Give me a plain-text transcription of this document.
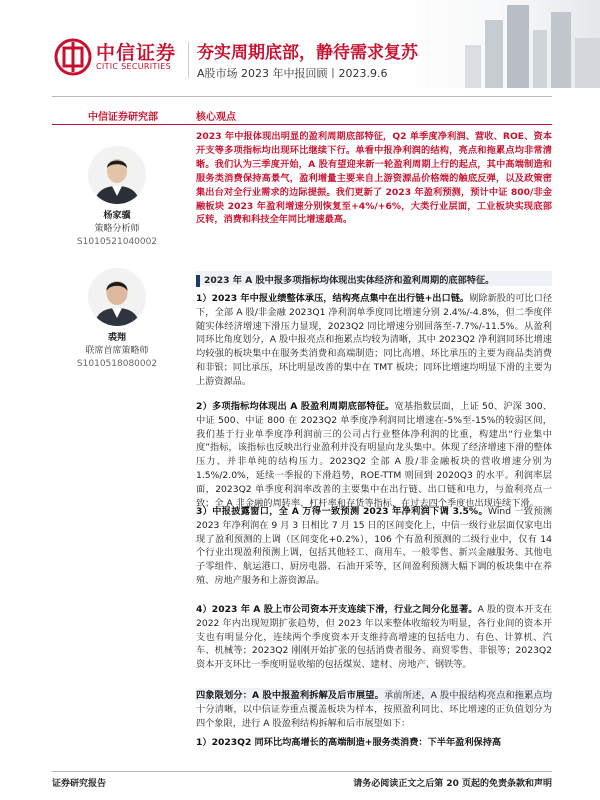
中信证券
CITIC SECURITIES
夯实周期底部，静待需求复苏
A股市场 2023 年中报回顾丨2023.9.6
中信证券研究部	核心观点
杨家骥
策略分析师
S1010521040002
裘翔
联席首席策略师
S1010518080002
2023 年中报体现出明显的盈利周期底部特征，Q2 单季度净利润、营收、ROE、资本开支等多项指标均出现环比继续下行。单看中报净利润的结构，亮点和拖累点均非常清晰。我们认为三季度开始，A 股有望迎来新一轮盈利周期上行的起点，其中高端制造和服务类消费保持高景气，盈利增量主要来自上游资源品价格端的触底反弹，以及政策密集出台对全行业需求的边际提振。我们更新了 2023 年盈利预测，预计中证 800/非金融板块 2023 年盈利增速分别恢复至+4%/+6%，大类行业层面，工业板块实现底部反转，消费和科技全年同比增速最高。
2023 年 A 股中报多项指标均体现出实体经济和盈利周期的底部特征。
1）2023 年中报业绩整体承压，结构亮点集中在出行链+出口链。剔除新股的可比口径下，全部 A 股/非金融 2023Q1 净利润单季度同比增速分别 2.4%/-4.8%，但二季度伴随实体经济增速下滑压力显现，2023Q2 同比增速分别回落至-7.7%/-11.5%。从盈利同环比角度划分，A 股中报亮点和拖累点均较为清晰，其中 2023Q2 净利润同环比增速均较强的板块集中在服务类消费和高端制造；同比高增、环比承压的主要为商品类消费和非银；同比承压，环比明显改善的集中在 TMT 板块；同环比增速均明显下滑的主要为上游资源品。
2）多项指标均体现出 A 股盈利周期底部特征。宽基指数层面，上证 50、沪深 300、中证 500、中证 800 在 2023Q2 单季度净利润同比增速在-5%至-15%的较弱区间，我们基于行业单季度净利润前三的公司占行业整体净利润的比重，构建出“行业集中度”指标，该指标也反映出行业盈利并没有明显向龙头集中。体现了经济增速下滑的整体压力、并非单纯的结构压力。2023Q2 全部 A 股/非金融板块的营收增速分别为 1.5%/2.0%，延续一季报的下滑趋势，ROE-TTM 则回到 2020Q3 的水平。利润率层面，2023Q2 单季度利润率改善的主要集中在出行链、出口链和电力，与盈利亮点一致；全 A 非金融的周转率、杠杆率和存货等指标，在过去四个季度也出现连续下滑。
3）中报披露窗口，全 A 万得一致预测 2023 年净利润下调 3.5%。Wind 一致预测 2023 年净利润在 9 月 3 日相比 7 月 15 日的区间变化上，中信一级行业层面仅家电出现了盈利预测的上调（区间变化+0.2%），106 个有盈利预测的二级行业中，仅有 14 个行业出现盈利预测上调，包括其他轻工、商用车、一般零售、新兴金融服务、其他电子零组件、航运港口、厨房电器、石油开采等，区间盈利预测大幅下调的板块集中在养殖、房地产服务和上游资源品。
4）2023 年 A 股上市公司资本开支连续下滑，行业之间分化显著。A 股的资本开支在 2022 年内出现短期扩张趋势，但 2023 年以来整体收缩较为明显，各行业间的资本开支也有明显分化，连续两个季度资本开支维持高增速的包括电力、有色、计算机、汽车、机械等；2023Q2 刚刚开始扩张的包括消费者服务、商贸零售、非银等；2023Q2 资本开支环比一季度明显收缩的包括煤炭、建材、房地产、钢铁等。
四象限划分：A 股中报盈利拆解及后市展望。承前所述，A 股中报结构亮点和拖累点均十分清晰，以中信证券重点覆盖板块为样本，按照盈利同比、环比增速的正负值划分为四个象限，进行 A 股盈利结构拆解和后市展望如下：
1）2023Q2 同环比均高增长的高端制造+服务类消费：下半年盈利保持高
证券研究报告	请务必阅读正文之后第 20 页起的免责条款和声明
